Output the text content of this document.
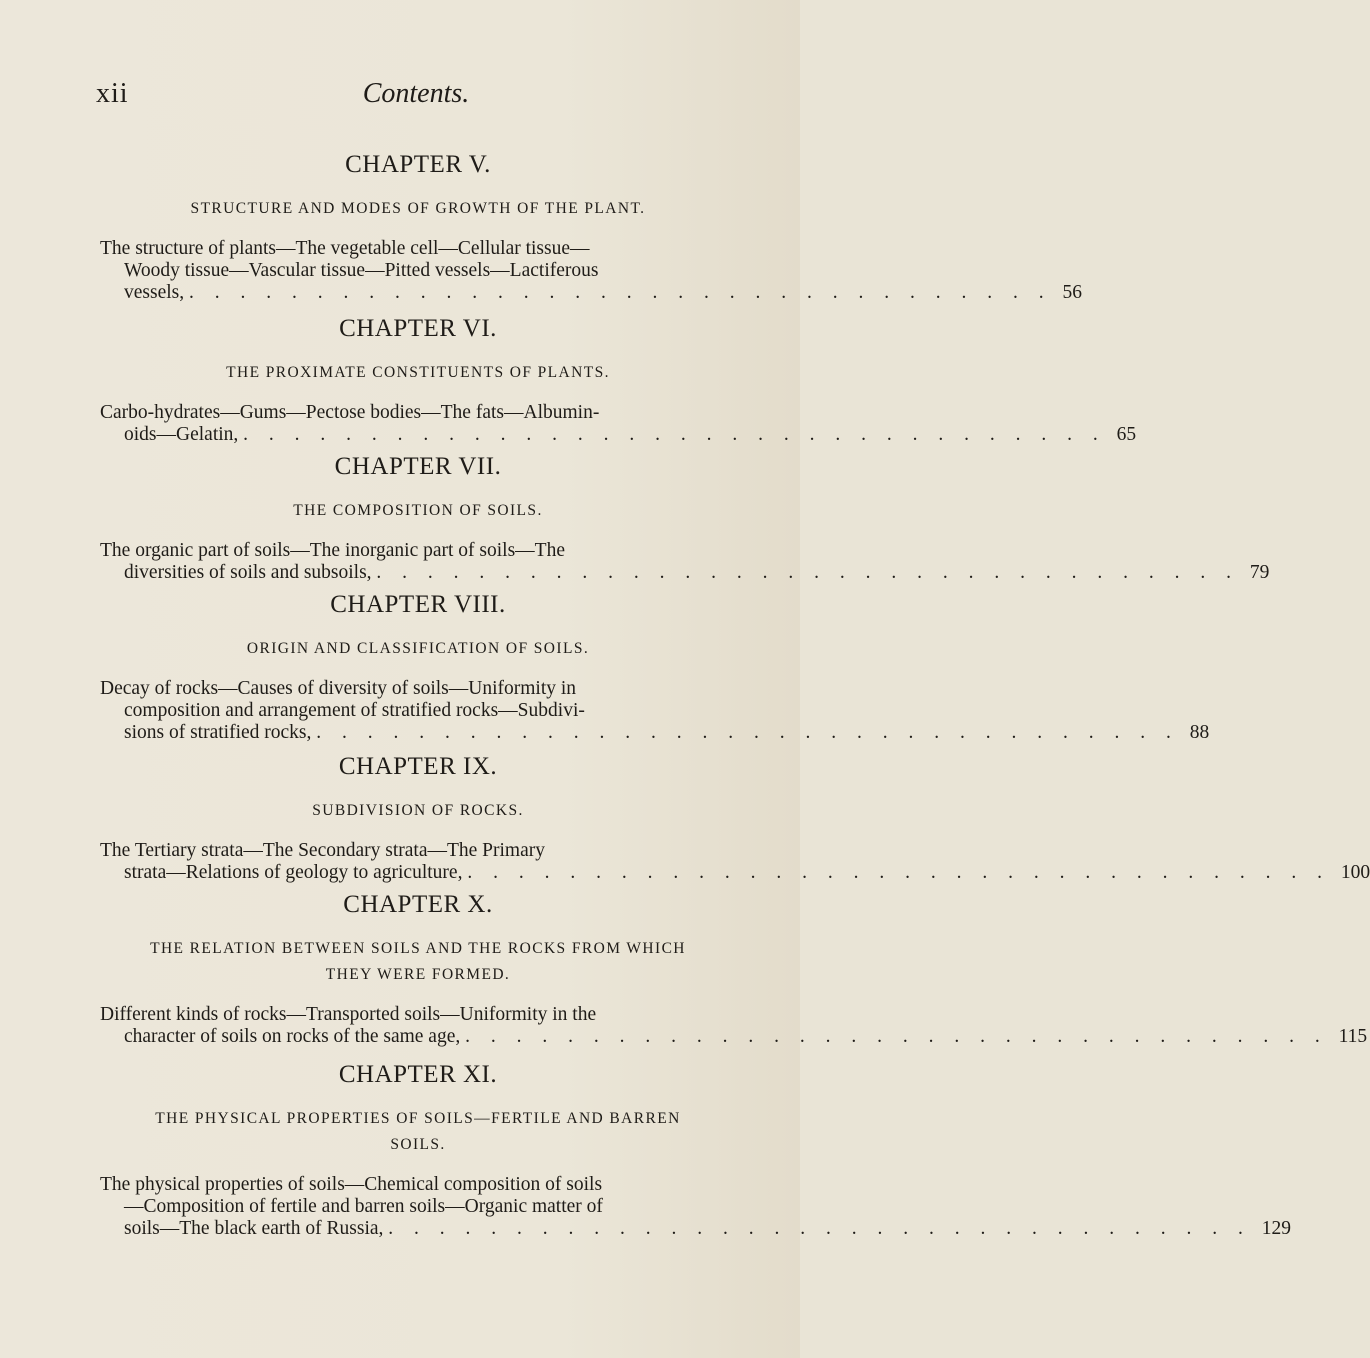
xii	Contents.
CHAPTER V.
STRUCTURE AND MODES OF GROWTH OF THE PLANT.
The structure of plants—The vegetable cell—Cellular tissue—
Woody tissue—Vascular tissue—Pitted vessels—Lactiferous
vessels, . . . . . . . . . . . . . . . . . . . . . . . . . . . . . . . . . . 56
CHAPTER VI.
THE PROXIMATE CONSTITUENTS OF PLANTS.
Carbo-hydrates—Gums—Pectose bodies—The fats—Albumin-
oids—Gelatin, . . . . . . . . . . . . . . . . . . . . . . . . . . . . . . . . . . 65
CHAPTER VII.
THE COMPOSITION OF SOILS.
The organic part of soils—The inorganic part of soils—The
diversities of soils and subsoils, . . . . . . . . . . . . . . . . . . . . . . . . . . . . . . . . . . 79
CHAPTER VIII.
ORIGIN AND CLASSIFICATION OF SOILS.
Decay of rocks—Causes of diversity of soils—Uniformity in
composition and arrangement of stratified rocks—Subdivi-
sions of stratified rocks, . . . . . . . . . . . . . . . . . . . . . . . . . . . . . . . . . . 88
CHAPTER IX.
SUBDIVISION OF ROCKS.
The Tertiary strata—The Secondary strata—The Primary
strata—Relations of geology to agriculture, . . . . . . . . . . . . . . . . . . . . . . . . . . . . . . . . . . 100
CHAPTER X.
THE RELATION BETWEEN SOILS AND THE ROCKS FROM WHICH THEY WERE FORMED.
Different kinds of rocks—Transported soils—Uniformity in the
character of soils on rocks of the same age, . . . . . . . . . . . . . . . . . . . . . . . . . . . . . . . . . . 115
CHAPTER XI.
THE PHYSICAL PROPERTIES OF SOILS—FERTILE AND BARREN SOILS.
The physical properties of soils—Chemical composition of soils
—Composition of fertile and barren soils—Organic matter of
soils—The black earth of Russia, . . . . . . . . . . . . . . . . . . . . . . . . . . . . . . . . . . 129
